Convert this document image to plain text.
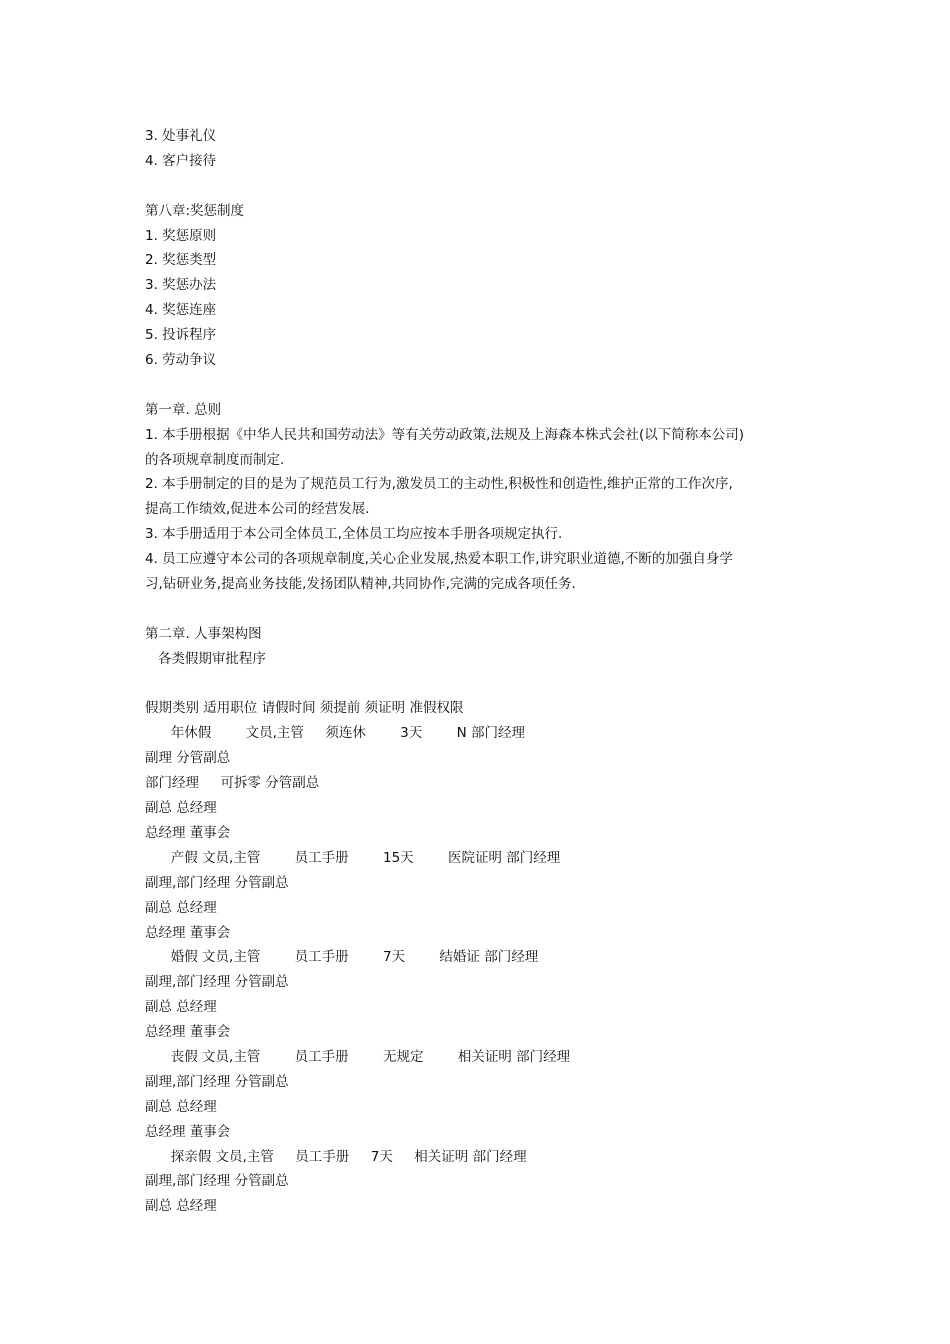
3. 处事礼仪
4. 客户接待
第八章:奖惩制度
1. 奖惩原则
2. 奖惩类型
3. 奖惩办法
4. 奖惩连座
5. 投诉程序
6. 劳动争议
第一章. 总则
1. 本手册根据《中华人民共和国劳动法》等有关劳动政策,法规及上海森本株式会社(以下简称本公司)
的各项规章制度而制定.
2. 本手册制定的目的是为了规范员工行为,激发员工的主动性,积极性和创造性,维护正常的工作次序,
提高工作绩效,促进本公司的经营发展.
3. 本手册适用于本公司全体员工,全体员工均应按本手册各项规定执行.
4. 员工应遵守本公司的各项规章制度,关心企业发展,热爱本职工作,讲究职业道德,不断的加强自身学
习,钻研业务,提高业务技能,发扬团队精神,共同协作,完满的完成各项任务.
第二章. 人事架构图
各类假期审批程序
假期类别 适用职位 请假时间 须提前 须证明 准假权限
年休假        文员,主管     须连休        3天        N 部门经理
副理 分管副总
部门经理     可拆零 分管副总
副总 总经理
总经理 董事会
产假 文员,主管        员工手册        15天        医院证明 部门经理
副理,部门经理 分管副总
副总 总经理
总经理 董事会
婚假 文员,主管        员工手册        7天        结婚证 部门经理
副理,部门经理 分管副总
副总 总经理
总经理 董事会
丧假 文员,主管        员工手册        无规定        相关证明 部门经理
副理,部门经理 分管副总
副总 总经理
总经理 董事会
探亲假 文员,主管     员工手册     7天     相关证明 部门经理
副理,部门经理 分管副总
副总 总经理
